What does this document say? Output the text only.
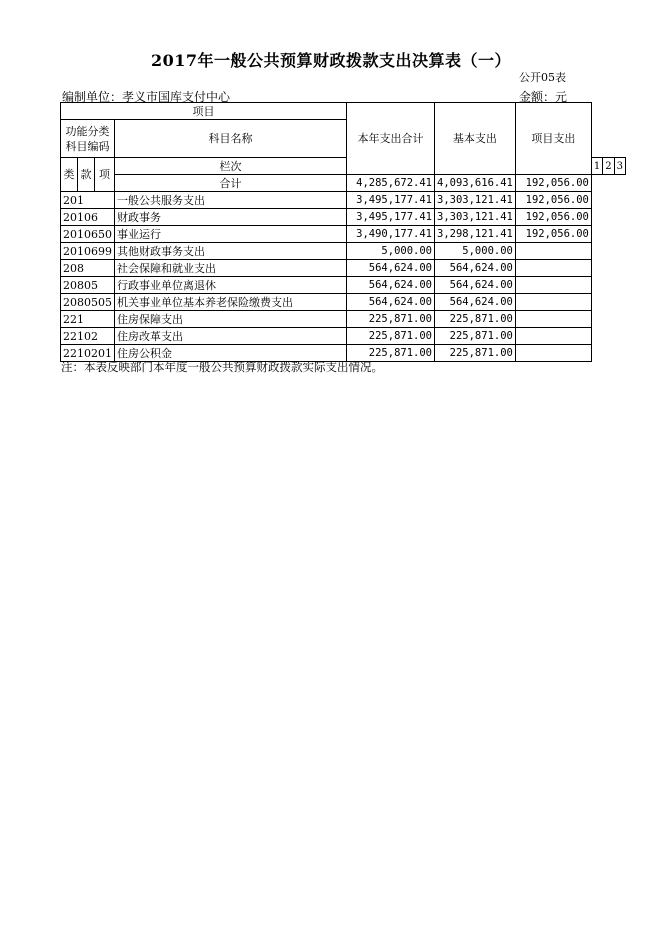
2017年一般公共预算财政拨款支出决算表（一）
公开05表
编制单位：孝义市国库支付中心	金额：元
项目				本年支出合计	基本支出	项目支出			
功能分类科目编码			科目名称						
类	款	项	栏次				1	2	3
			合计	4,285,672.41	4,093,616.41	192,056.00			
201			一般公共服务支出	3,495,177.41	3,303,121.41	192,056.00			
20106			财政事务	3,495,177.41	3,303,121.41	192,056.00			
2010650			事业运行	3,490,177.41	3,298,121.41	192,056.00			
2010699			其他财政事务支出	5,000.00	5,000.00				
208			社会保障和就业支出	564,624.00	564,624.00				
20805			行政事业单位离退休	564,624.00	564,624.00				
2080505			机关事业单位基本养老保险缴费支出	564,624.00	564,624.00				
221			住房保障支出	225,871.00	225,871.00				
22102			住房改革支出	225,871.00	225,871.00				
2210201			住房公积金	225,871.00	225,871.00				
注：本表反映部门本年度一般公共预算财政拨款实际支出情况。
